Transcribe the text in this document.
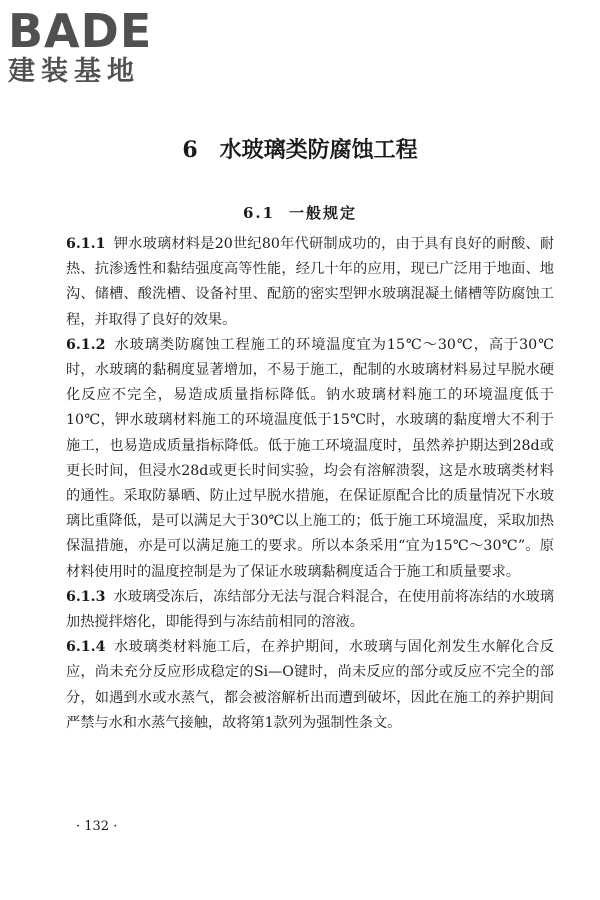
BADE
建装基地
6 水玻璃类防腐蚀工程
6.1 一般规定

6.1.1 钾水玻璃材料是20世纪80年代研制成功的，由于具有良好的耐酸、耐热、抗渗透性和黏结强度高等性能，经几十年的应用，现已广泛用于地面、地沟、储槽、酸洗槽、设备衬里、配筋的密实型钾水玻璃混凝土储槽等防腐蚀工程，并取得了良好的效果。

6.1.2 水玻璃类防腐蚀工程施工的环境温度宜为15℃～30℃，高于30℃时，水玻璃的黏稠度显著增加，不易于施工，配制的水玻璃材料易过早脱水硬化反应不完全，易造成质量指标降低。钠水玻璃材料施工的环境温度低于10℃，钾水玻璃材料施工的环境温度低于15℃时，水玻璃的黏度增大不利于施工，也易造成质量指标降低。低于施工环境温度时，虽然养护期达到28d或更长时间，但浸水28d或更长时间实验，均会有溶解溃裂，这是水玻璃类材料的通性。采取防暴晒、防止过早脱水措施，在保证原配合比的质量情况下水玻璃比重降低，是可以满足大于30℃以上施工的；低于施工环境温度，采取加热保温措施，亦是可以满足施工的要求。所以本条采用“宜为15℃～30℃”。原材料使用时的温度控制是为了保证水玻璃黏稠度适合于施工和质量要求。

6.1.3 水玻璃受冻后，冻结部分无法与混合料混合，在使用前将冻结的水玻璃加热搅拌熔化，即能得到与冻结前相同的溶液。

6.1.4 水玻璃类材料施工后，在养护期间，水玻璃与固化剂发生水解化合反应，尚未充分反应形成稳定的Si—O键时，尚未反应的部分或反应不完全的部分，如遇到水或水蒸气，都会被溶解析出而遭到破坏，因此在施工的养护期间严禁与水和水蒸气接触，故将第1款列为强制性条文。

· 132 ·
